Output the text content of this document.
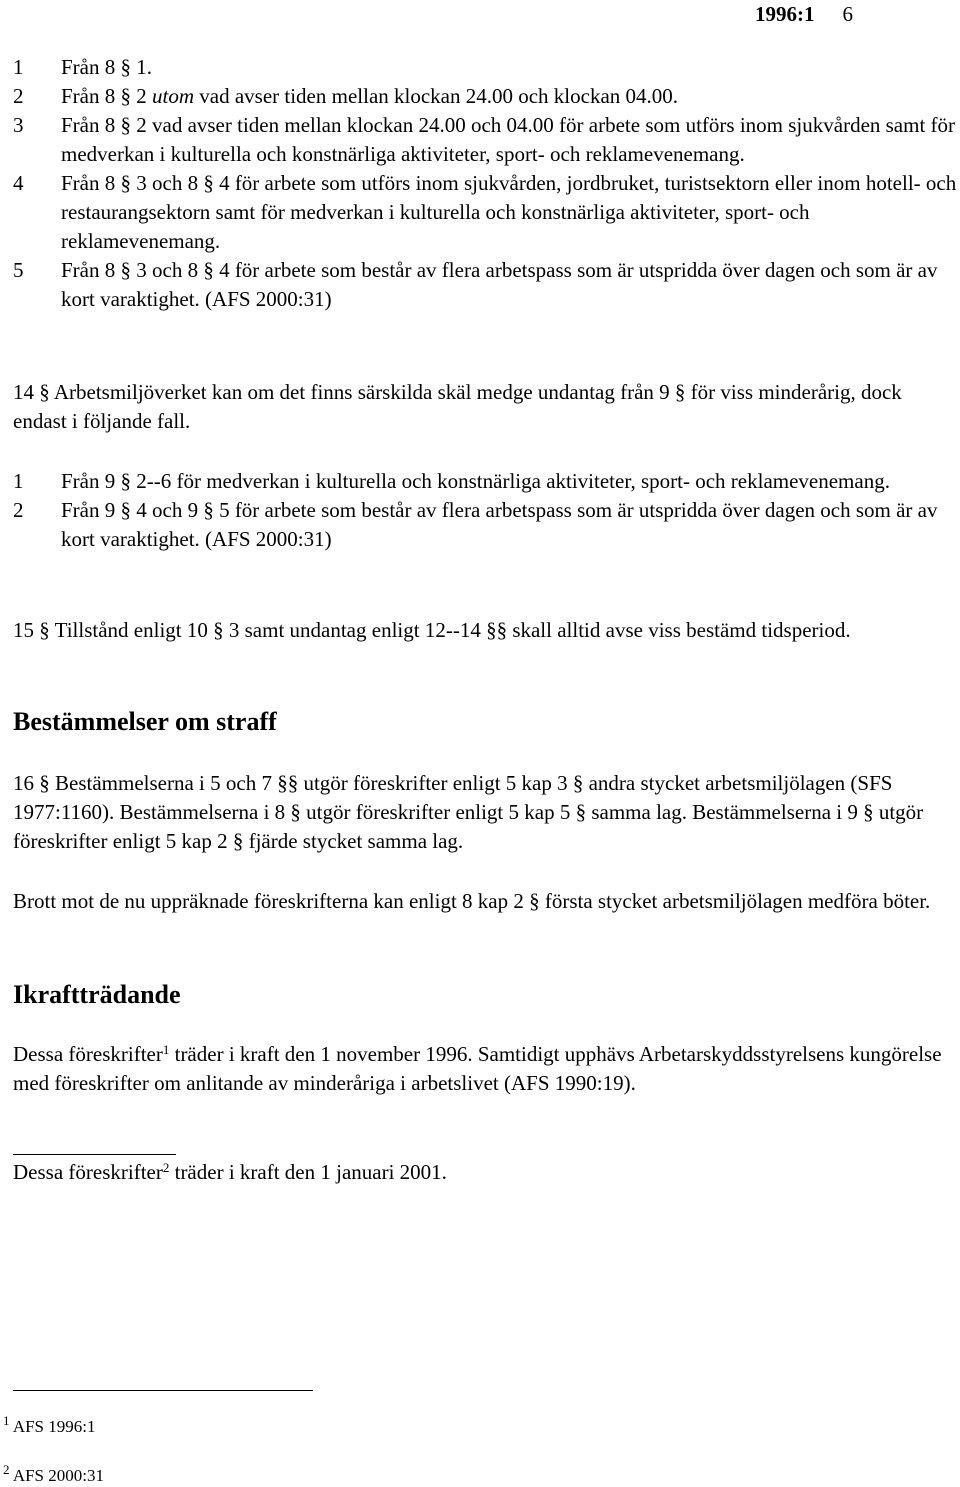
1996:1 6
1 Från 8 § 1.
2 Från 8 § 2 utom vad avser tiden mellan klockan 24.00 och klockan 04.00.
3 Från 8 § 2 vad avser tiden mellan klockan 24.00 och 04.00 för arbete som utförs inom sjukvården samt för medverkan i kulturella och konstnärliga aktiviteter, sport- och reklamevenemang.
4 Från 8 § 3 och 8 § 4 för arbete som utförs inom sjukvården, jordbruket, turistsektorn eller inom hotell- och restaurangsektorn samt för medverkan i kulturella och konstnärliga aktiviteter, sport- och reklamevenemang.
5 Från 8 § 3 och 8 § 4 för arbete som består av flera arbetspass som är utspridda över dagen och som är av kort varaktighet. (AFS 2000:31)
14 § Arbetsmiljöverket kan om det finns särskilda skäl medge undantag från 9 § för viss minderårig, dock endast i följande fall.
1 Från 9 § 2--6 för medverkan i kulturella och konstnärliga aktiviteter, sport- och reklamevenemang.
2 Från 9 § 4 och 9 § 5 för arbete som består av flera arbetspass som är utspridda över dagen och som är av kort varaktighet. (AFS 2000:31)
15 § Tillstånd enligt 10 § 3 samt undantag enligt 12--14 §§ skall alltid avse viss bestämd tidsperiod.
Bestämmelser om straff
16 § Bestämmelserna i 5 och 7 §§ utgör föreskrifter enligt 5 kap 3 § andra stycket arbetsmiljölagen (SFS 1977:1160). Bestämmelserna i 8 § utgör föreskrifter enligt 5 kap 5 § samma lag. Bestämmelserna i 9 § utgör föreskrifter enligt 5 kap 2 § fjärde stycket samma lag.
Brott mot de nu uppräknade föreskrifterna kan enligt 8 kap 2 § första stycket arbetsmiljölagen medföra böter.
Ikraftträdande
Dessa föreskrifter$^1$ träder i kraft den 1 november 1996. Samtidigt upphävs Arbetarskyddsstyrelsens kungörelse med föreskrifter om anlitande av minderåriga i arbetslivet (AFS 1990:19).
Dessa föreskrifter$^2$ träder i kraft den 1 januari 2001.
$^1$ AFS 1996:1
$^2$ AFS 2000:31
